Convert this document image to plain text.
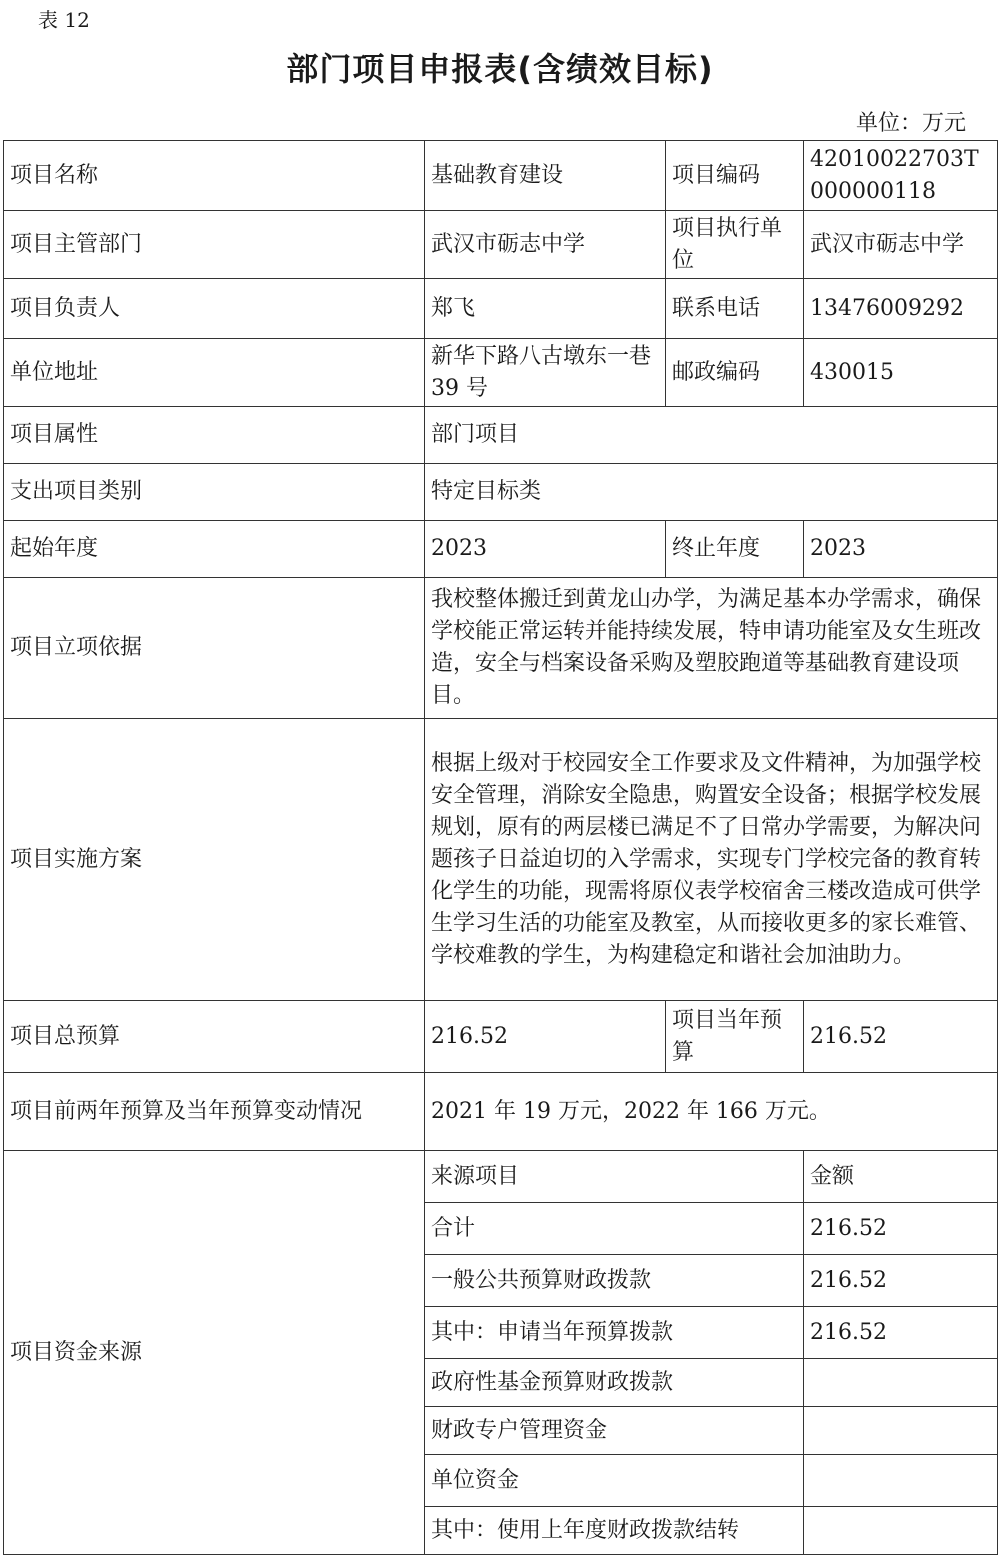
表 12
部门项目申报表(含绩效目标)
单位：万元
项目名称	基础教育建设	项目编码	42010022703T000000118
项目主管部门	武汉市砺志中学	项目执行单位	武汉市砺志中学
项目负责人	郑飞	联系电话	13476009292
单位地址	新华下路八古墩东一巷 39 号	邮政编码	430015
项目属性	部门项目		
支出项目类别	特定目标类		
起始年度	2023	终止年度	2023
项目立项依据	我校整体搬迁到黄龙山办学，为满足基本办学需求，确保学校能正常运转并能持续发展，特申请功能室及女生班改造，安全与档案设备采购及塑胶跑道等基础教育建设项目。		
项目实施方案	根据上级对于校园安全工作要求及文件精神，为加强学校安全管理，消除安全隐患，购置安全设备；根据学校发展规划，原有的两层楼已满足不了日常办学需要，为解决问题孩子日益迫切的入学需求，实现专门学校完备的教育转化学生的功能，现需将原仪表学校宿舍三楼改造成可供学生学习生活的功能室及教室，从而接收更多的家长难管、学校难教的学生，为构建稳定和谐社会加油助力。		
项目总预算	216.52	项目当年预算	216.52
项目前两年预算及当年预算变动情况	2021 年 19 万元，2022 年 166 万元。		
项目资金来源	来源项目		金额
	合计		216.52
	一般公共预算财政拨款		216.52
	其中：申请当年预算拨款		216.52
	政府性基金预算财政拨款		
	财政专户管理资金		
	单位资金		
	其中：使用上年度财政拨款结转		
